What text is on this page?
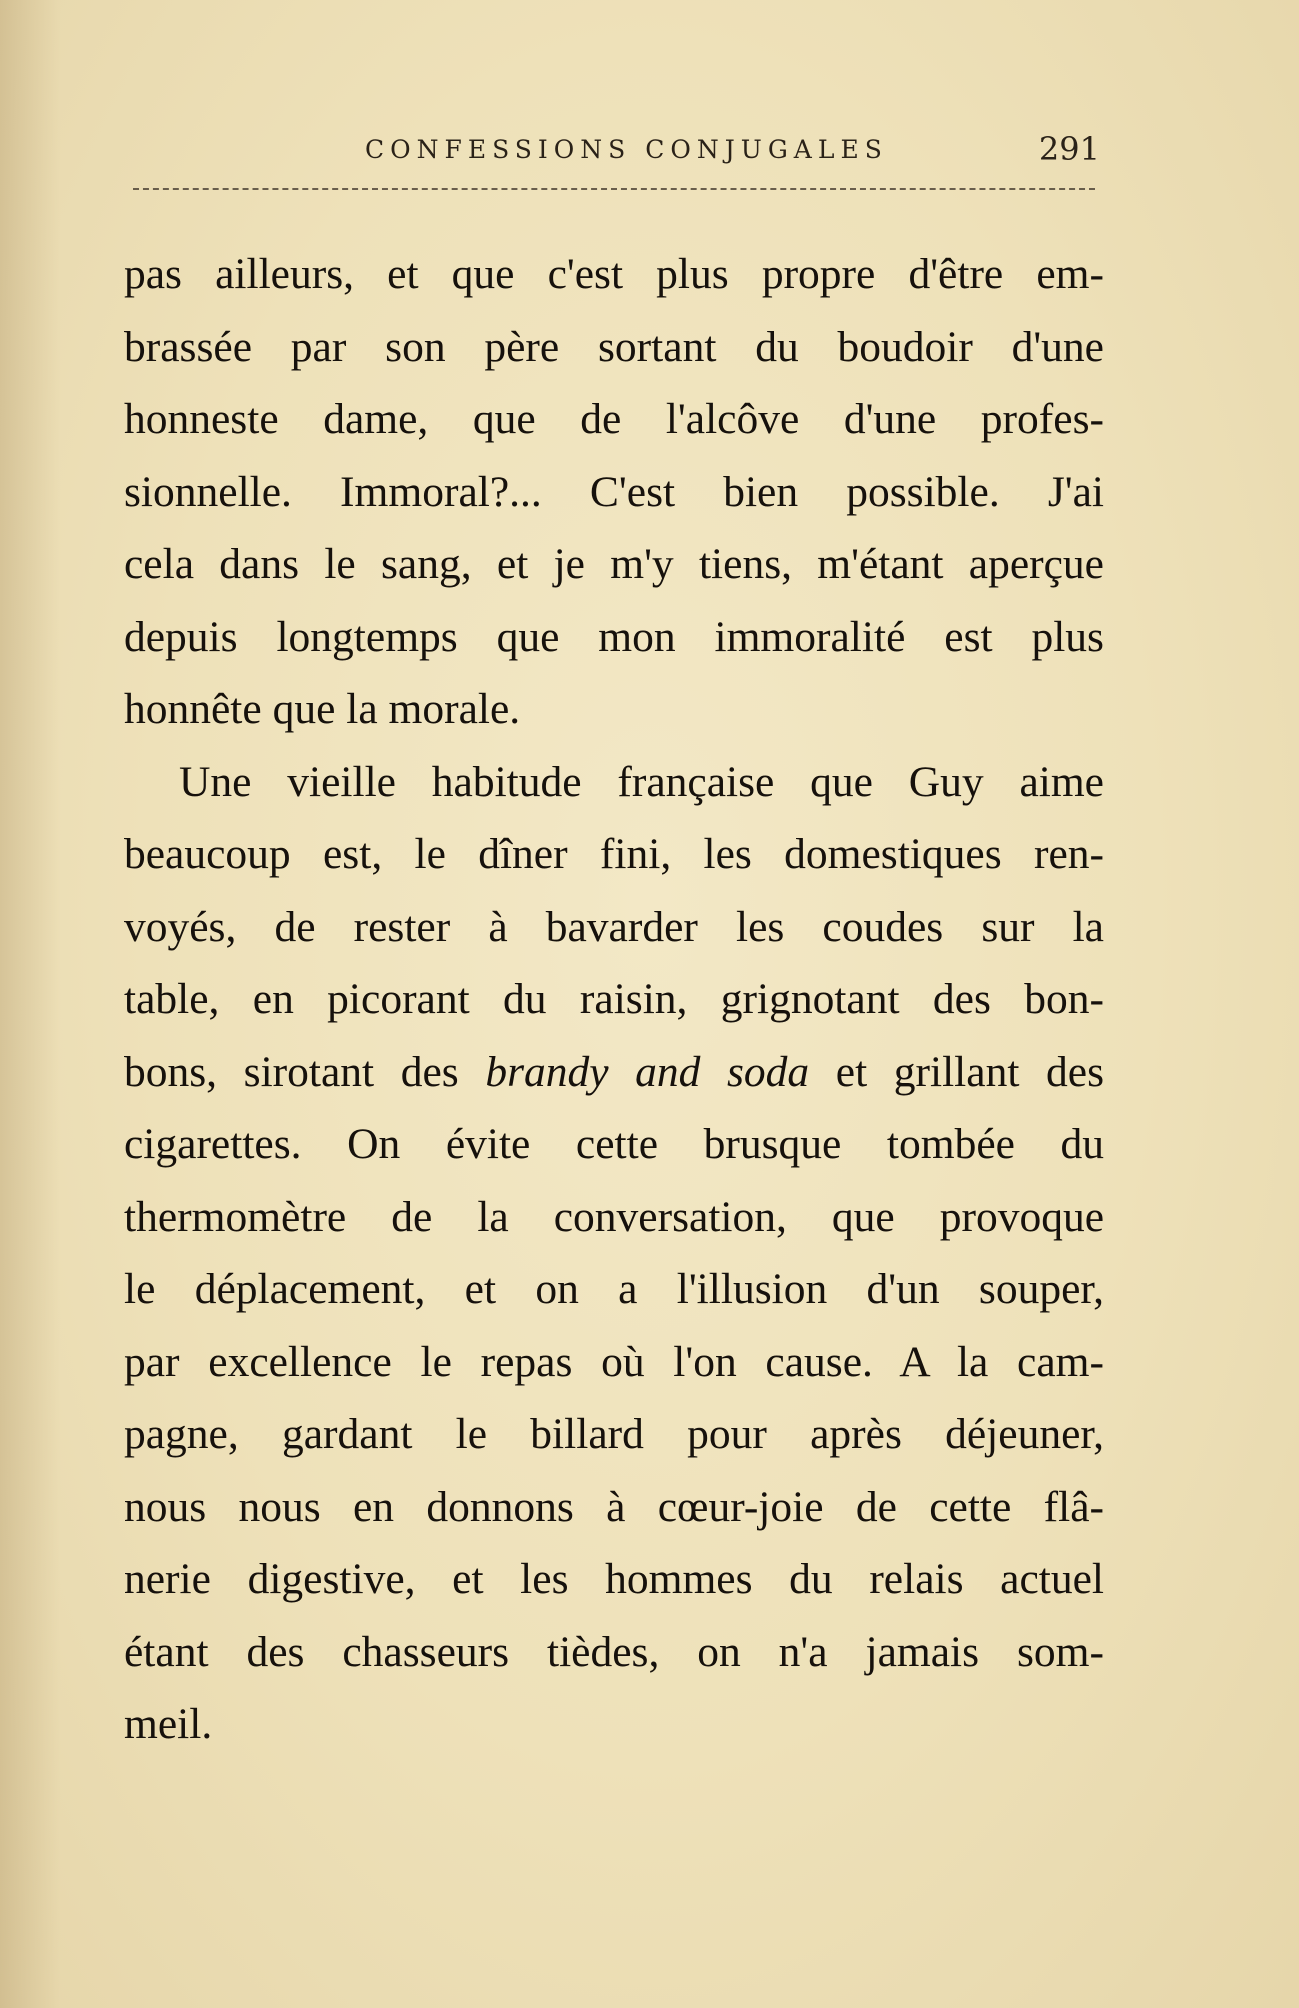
CONFESSIONS CONJUGALES	291

pas ailleurs, et que c'est plus propre d'être em-
brassée par son père sortant du boudoir d'une
honneste dame, que de l'alcôve d'une profes-
sionnelle. Immoral?... C'est bien possible. J'ai
cela dans le sang, et je m'y tiens, m'étant aperçue
depuis longtemps que mon immoralité est plus
honnête que la morale.

Une vieille habitude française que Guy aime
beaucoup est, le dîner fini, les domestiques ren-
voyés, de rester à bavarder les coudes sur la
table, en picorant du raisin, grignotant des bon-
bons, sirotant des brandy and soda et grillant des
cigarettes. On évite cette brusque tombée du
thermomètre de la conversation, que provoque
le déplacement, et on a l'illusion d'un souper,
par excellence le repas où l'on cause. A la cam-
pagne, gardant le billard pour après déjeuner,
nous nous en donnons à cœur-joie de cette flâ-
nerie digestive, et les hommes du relais actuel
étant des chasseurs tièdes, on n'a jamais som-
meil.
